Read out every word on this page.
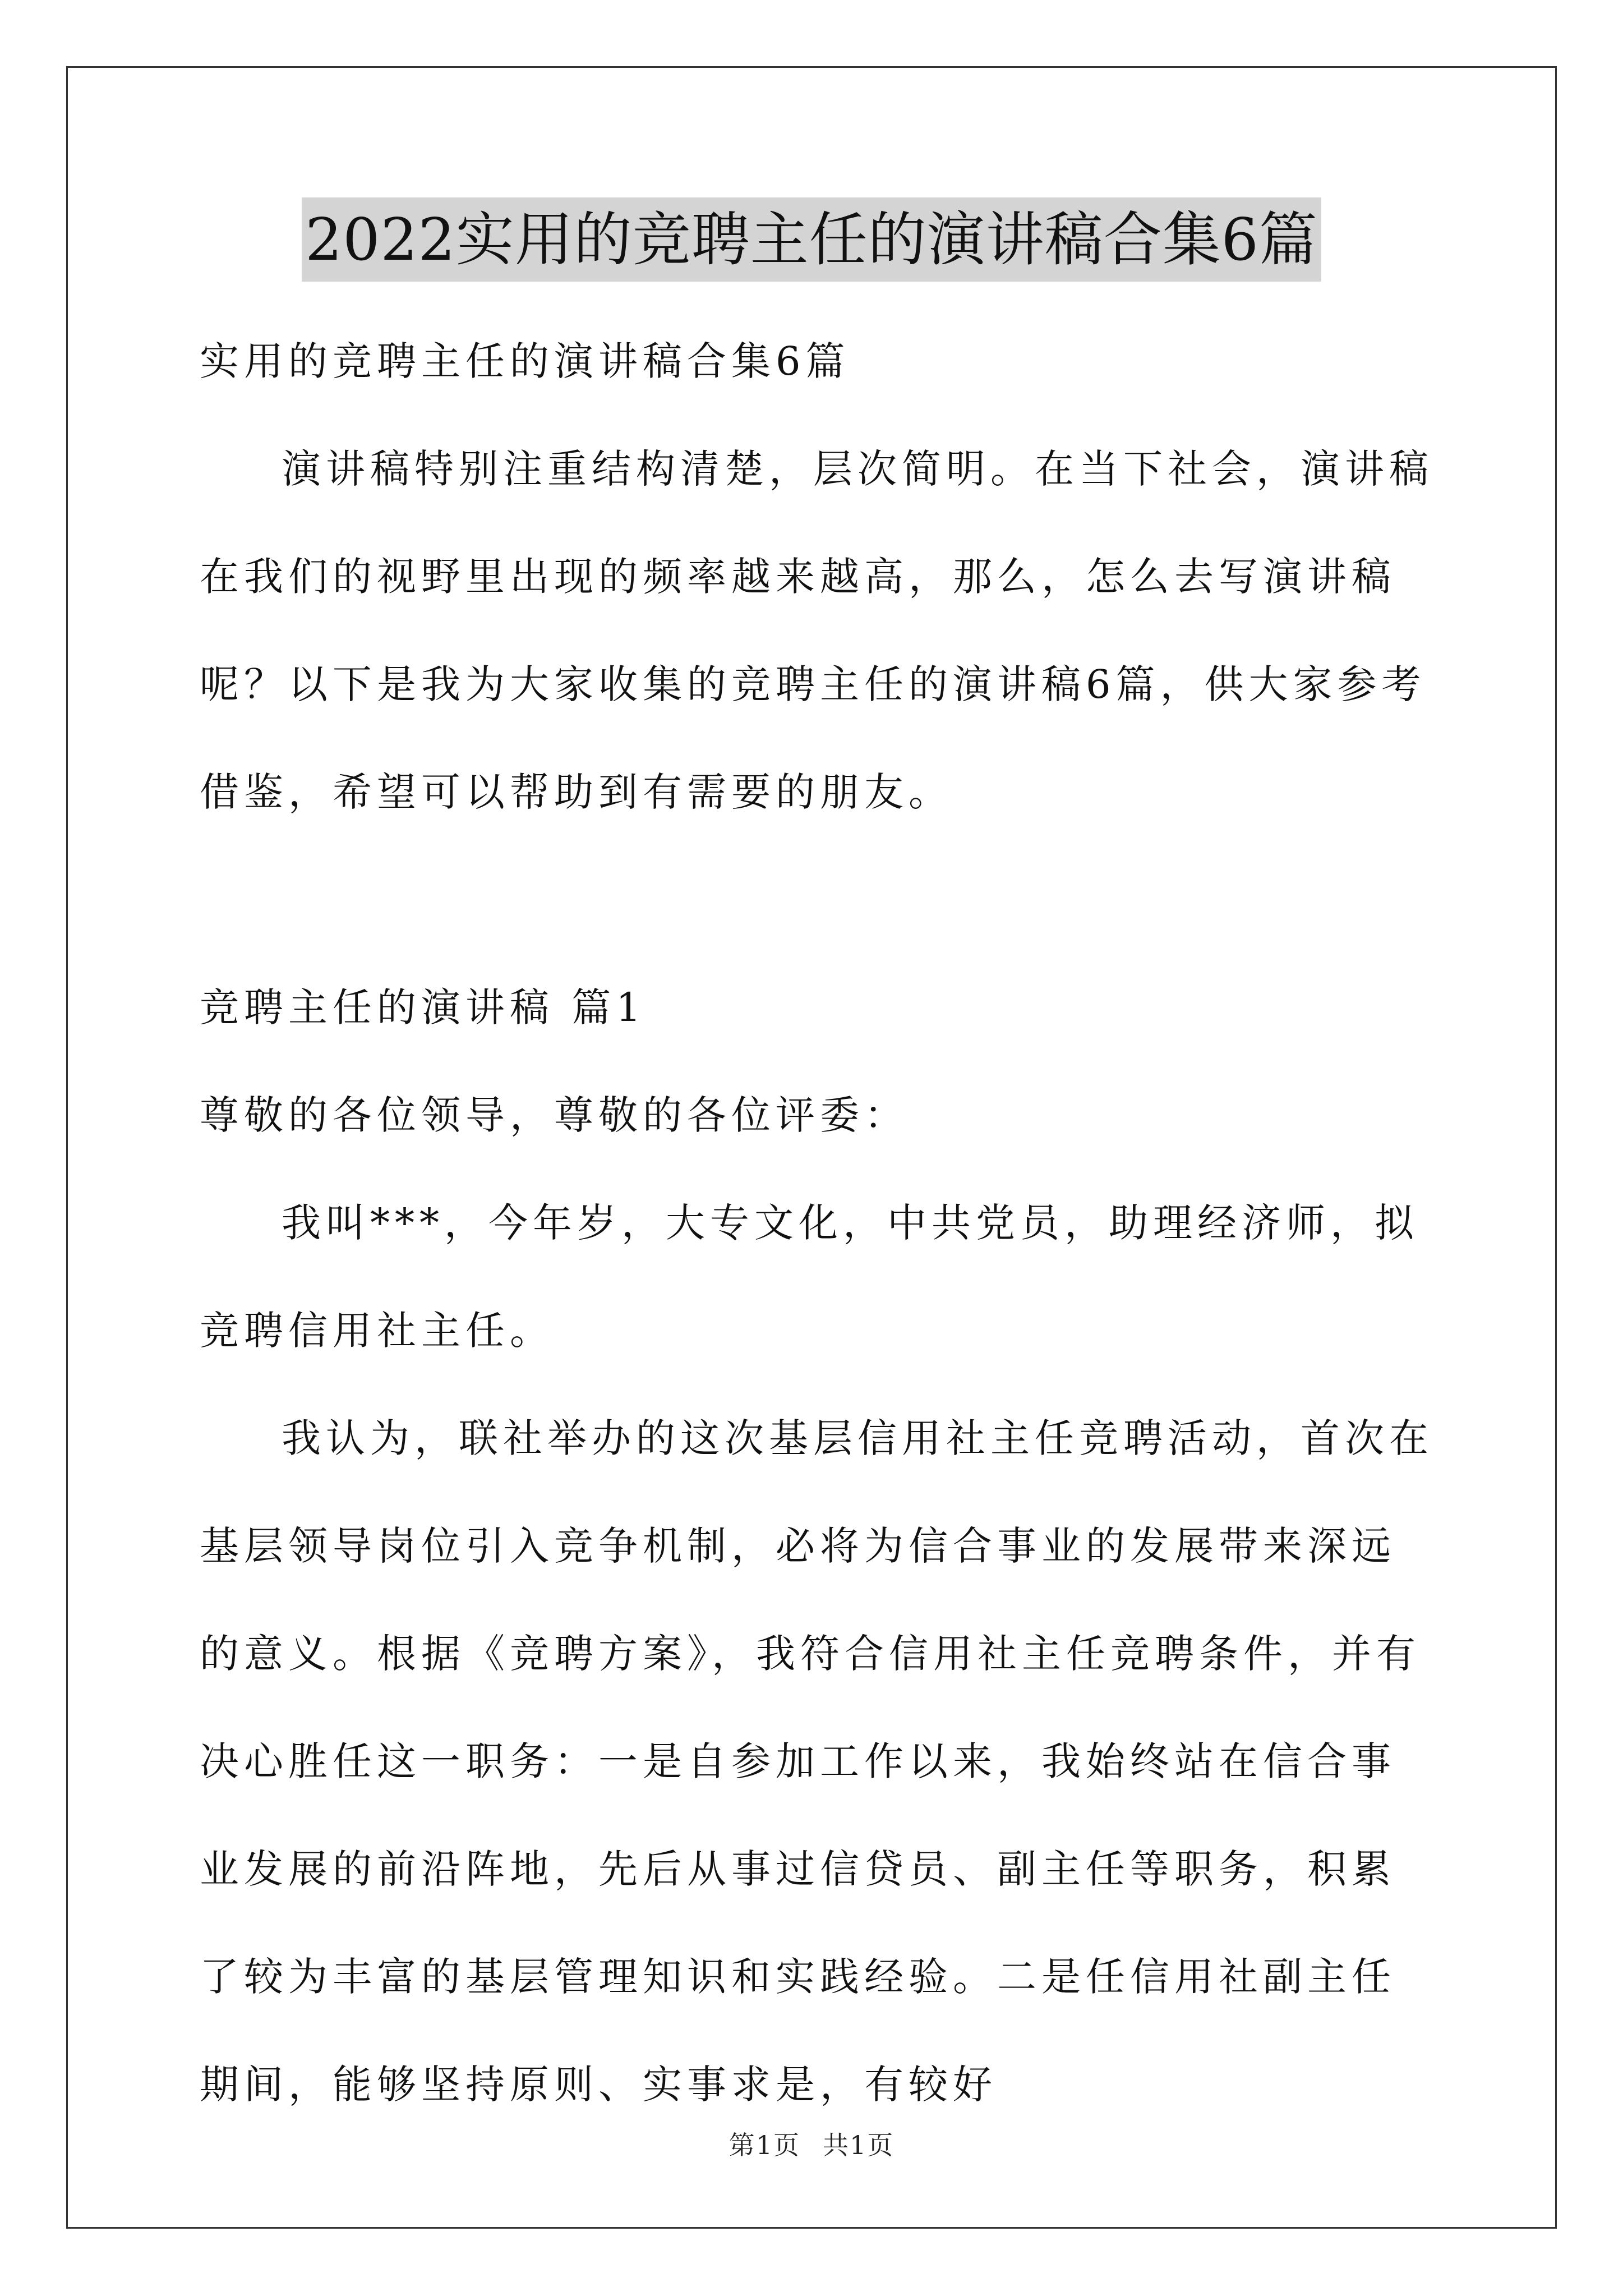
2022实用的竞聘主任的演讲稿合集6篇

实用的竞聘主任的演讲稿合集6篇

演讲稿特别注重结构清楚，层次简明。在当下社会，演讲稿在我们的视野里出现的频率越来越高，那么，怎么去写演讲稿呢？以下是我为大家收集的竞聘主任的演讲稿6篇，供大家参考借鉴，希望可以帮助到有需要的朋友。

竞聘主任的演讲稿 篇1

尊敬的各位领导，尊敬的各位评委：

我叫***，今年岁，大专文化，中共党员，助理经济师，拟竞聘信用社主任。

我认为，联社举办的这次基层信用社主任竞聘活动，首次在基层领导岗位引入竞争机制，必将为信合事业的发展带来深远的意义。根据《竞聘方案》，我符合信用社主任竞聘条件，并有决心胜任这一职务：一是自参加工作以来，我始终站在信合事业发展的前沿阵地，先后从事过信贷员、副主任等职务，积累了较为丰富的基层管理知识和实践经验。二是任信用社副主任期间，能够坚持原则、实事求是，有较好

第1页 共1页
